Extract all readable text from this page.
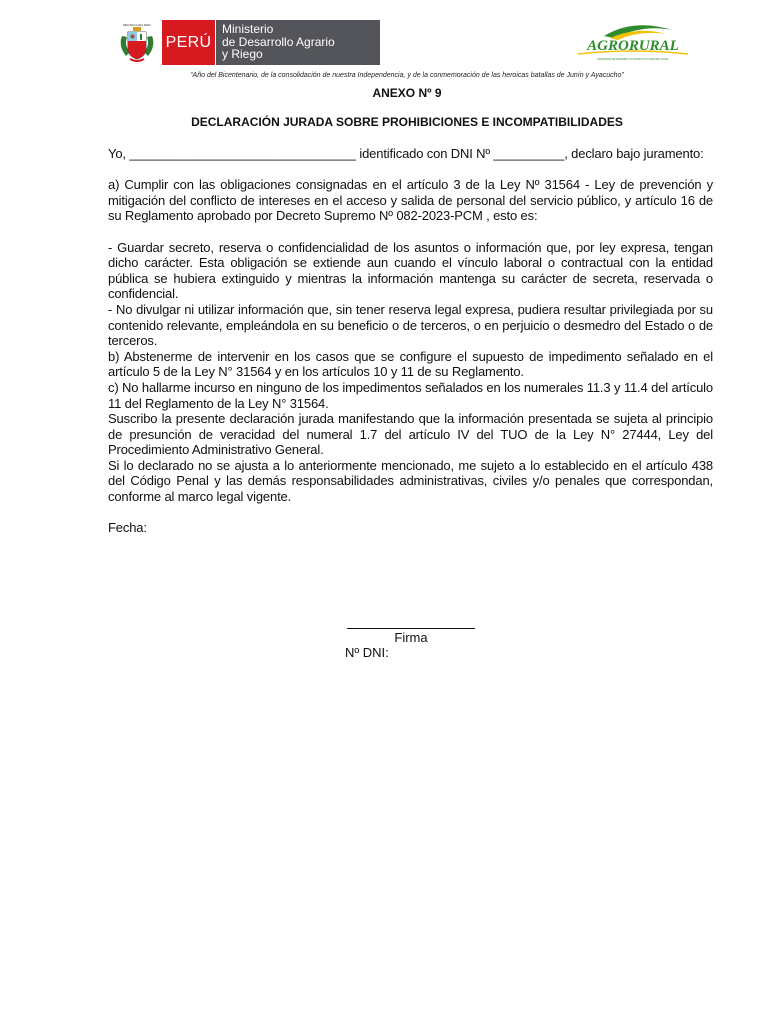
REPÚBLICA DEL PERÚ
PERÚ
Ministerio
de Desarrollo Agrario
y Riego	AGRORURAL
PROGRAMA DE DESARROLLO PRODUCTIVO AGRARIO RURAL
“Año del Bicentenario, de la consolidación de nuestra Independencia, y de la conmemoración de las heroicas batallas de Junín y Ayacucho”
ANEXO Nº 9
DECLARACIÓN JURADA SOBRE PROHIBICIONES E INCOMPATIBILIDADES

Yo, ________________________________ identificado con DNI Nº __________, declaro bajo juramento:

a) Cumplir con las obligaciones consignadas en el artículo 3 de la Ley Nº 31564 - Ley de prevención y mitigación del conflicto de intereses en el acceso y salida de personal del servicio público, y artículo 16 de su Reglamento aprobado por Decreto Supremo Nº 082-2023-PCM , esto es:

- Guardar secreto, reserva o confidencialidad de los asuntos o información que, por ley expresa, tengan dicho carácter. Esta obligación se extiende aun cuando el vínculo laboral o contractual con la entidad pública se hubiera extinguido y mientras la información mantenga su carácter de secreta, reservada o confidencial.

- No divulgar ni utilizar información que, sin tener reserva legal expresa, pudiera resultar privilegiada por su contenido relevante, empleándola en su beneficio o de terceros, o en perjuicio o desmedro del Estado o de terceros.

b) Abstenerme de intervenir en los casos que se configure el supuesto de impedimento señalado en el artículo 5 de la Ley N° 31564 y en los artículos 10 y 11 de su Reglamento.

c) No hallarme incurso en ninguno de los impedimentos señalados en los numerales 11.3 y 11.4 del artículo 11 del Reglamento de la Ley N° 31564.

Suscribo la presente declaración jurada manifestando que la información presentada se sujeta al principio de presunción de veracidad del numeral 1.7 del artículo IV del TUO de la Ley N° 27444, Ley del Procedimiento Administrativo General.

Si lo declarado no se ajusta a lo anteriormente mencionado, me sujeto a lo establecido en el artículo 438 del Código Penal y las demás responsabilidades administrativas, civiles y/o penales que correspondan, conforme al marco legal vigente.

Fecha:

Firma
Nº DNI:
